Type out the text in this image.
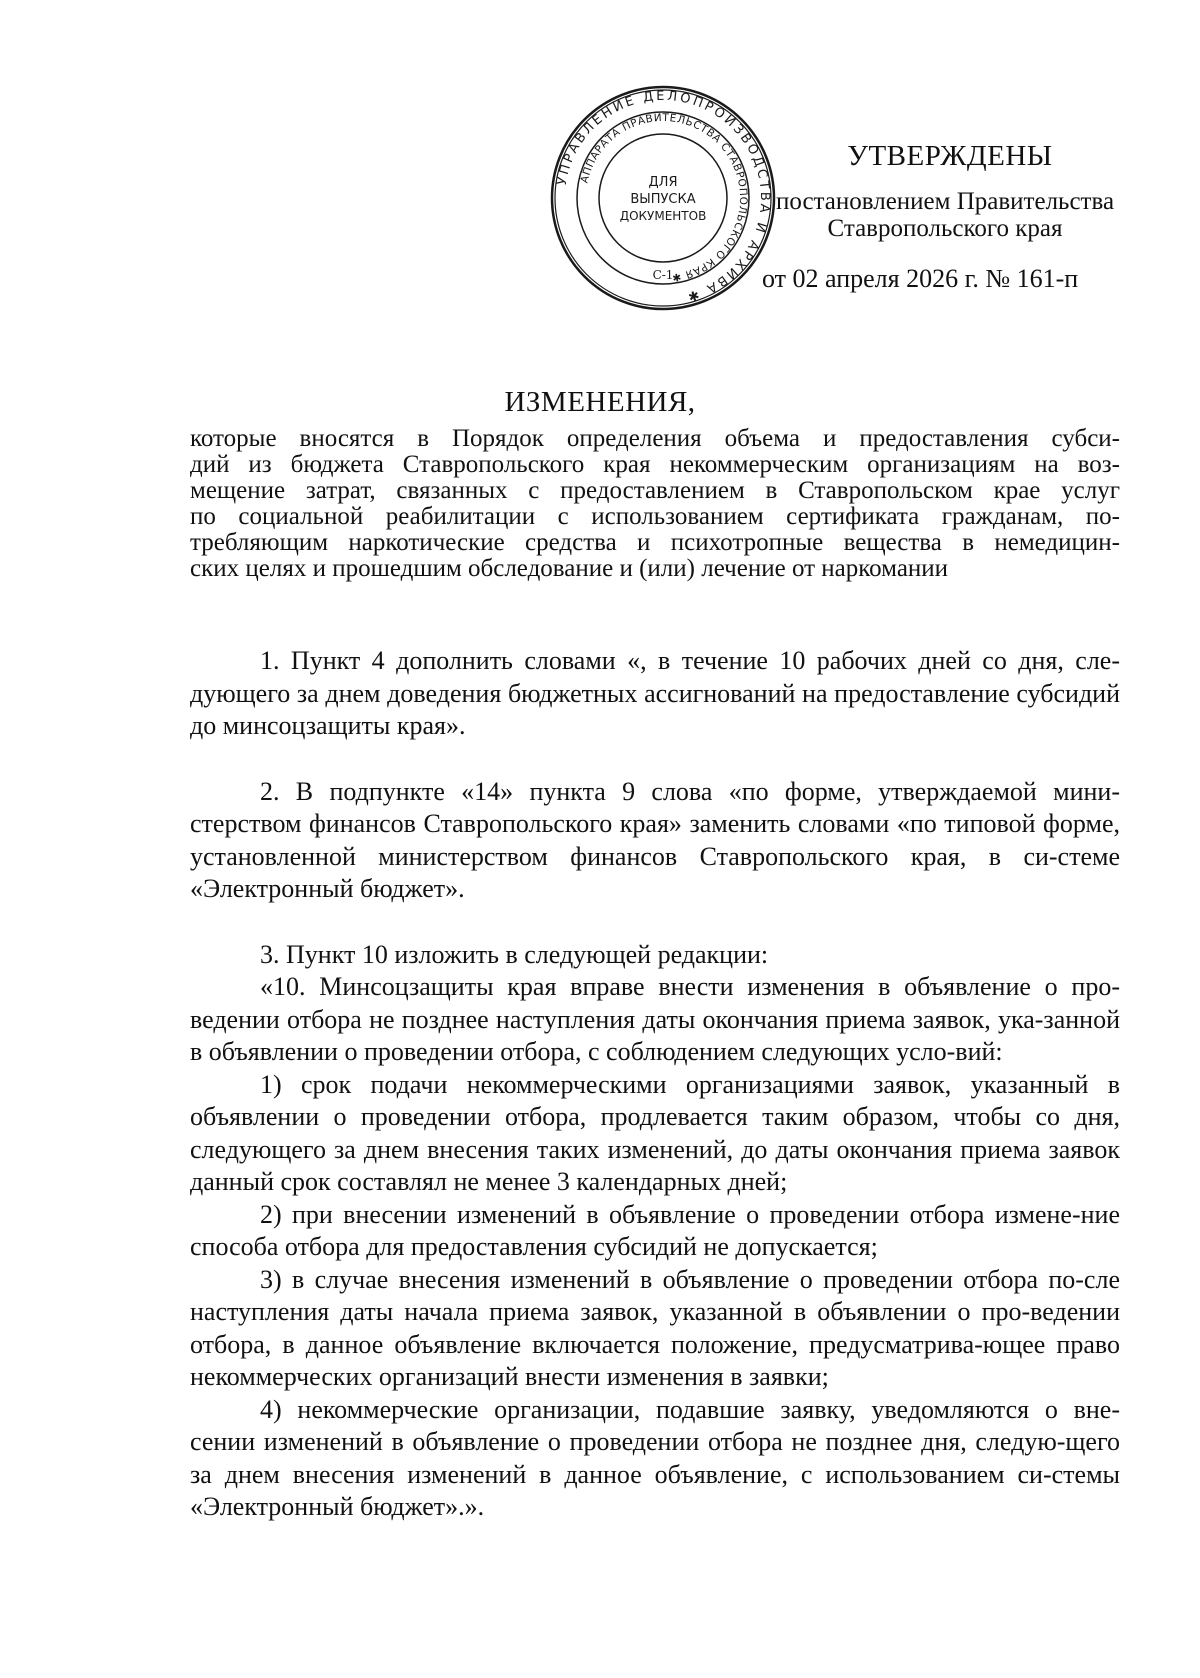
УПРАВЛЕНИЕ ДЕЛОПРОИЗВОДСТВА И АРХИВА ✱
АППАРАТА ПРАВИТЕЛЬСТВА СТАВРОПОЛЬСКОГО КРАЯ ✱
ДЛЯ
ВЫПУСКА
ДОКУМЕНТОВ
С-1

УТВЕРЖДЕНЫ

постановлением Правительства

Ставропольского края

от 02 апреля 2026 г. № 161-п
ИЗМЕНЕНИЯ,
которые вносятся в Порядок определения объема и предоставления субси-
дий из бюджета Ставропольского края некоммерческим организациям на воз-
мещение затрат, связанных с предоставлением в Ставропольском крае услуг
по социальной реабилитации с использованием сертификата гражданам, по-
требляющим наркотические средства и психотропные вещества в немедицин-
ских целях и прошедшим обследование и (или) лечение от наркомании

1. Пункт 4 дополнить словами «, в течение 10 рабочих дней со дня, сле-дующего за днем доведения бюджетных ассигнований на предоставление субсидий до минсоцзащиты края».

2. В подпункте «14» пункта 9 слова «по форме, утверждаемой мини-стерством финансов Ставропольского края» заменить словами «по типовой форме, установленной министерством финансов Ставропольского края, в си-стеме «Электронный бюджет».

3. Пункт 10 изложить в следующей редакции:

«10. Минсоцзащиты края вправе внести изменения в объявление о про-ведении отбора не позднее наступления даты окончания приема заявок, ука-занной в объявлении о проведении отбора, с соблюдением следующих усло-вий:

1) срок подачи некоммерческими организациями заявок, указанный в объявлении о проведении отбора, продлевается таким образом, чтобы со дня, следующего за днем внесения таких изменений, до даты окончания приема заявок данный срок составлял не менее 3 календарных дней;

2) при внесении изменений в объявление о проведении отбора измене-ние способа отбора для предоставления субсидий не допускается;

3) в случае внесения изменений в объявление о проведении отбора по-сле наступления даты начала приема заявок, указанной в объявлении о про-ведении отбора, в данное объявление включается положение, предусматрива-ющее право некоммерческих организаций внести изменения в заявки;

4) некоммерческие организации, подавшие заявку, уведомляются о вне-сении изменений в объявление о проведении отбора не позднее дня, следую-щего за днем внесения изменений в данное объявление, с использованием си-стемы «Электронный бюджет».».
